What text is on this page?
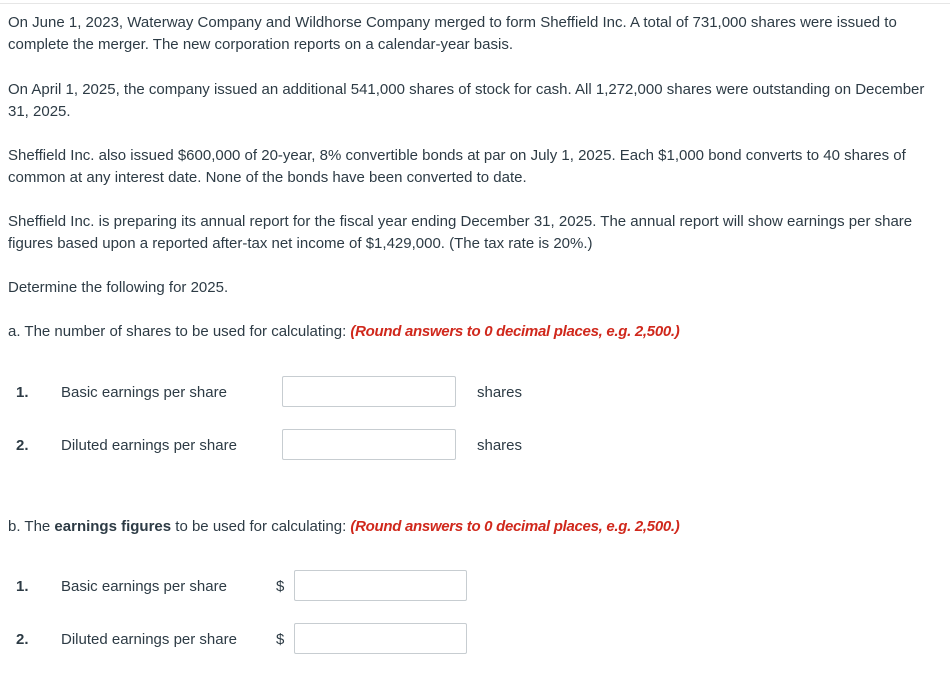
On June 1, 2023, Waterway Company and Wildhorse Company merged to form Sheffield Inc. A total of 731,000 shares were issued to complete the merger. The new corporation reports on a calendar-year basis.

On April 1, 2025, the company issued an additional 541,000 shares of stock for cash. All 1,272,000 shares were outstanding on December 31, 2025.

Sheffield Inc. also issued $600,000 of 20-year, 8% convertible bonds at par on July 1, 2025. Each $1,000 bond converts to 40 shares of common at any interest date. None of the bonds have been converted to date.

Sheffield Inc. is preparing its annual report for the fiscal year ending December 31, 2025. The annual report will show earnings per share figures based upon a reported after-tax net income of $1,429,000. (The tax rate is 20%.)

Determine the following for 2025.

a. The number of shares to be used for calculating: (Round answers to 0 decimal places, e.g. 2,500.)

1. Basic earnings per share	shares
2. Diluted earnings per share	shares

b. The earnings figures to be used for calculating: (Round answers to 0 decimal places, e.g. 2,500.)

1. Basic earnings per share	$
2. Diluted earnings per share	$
